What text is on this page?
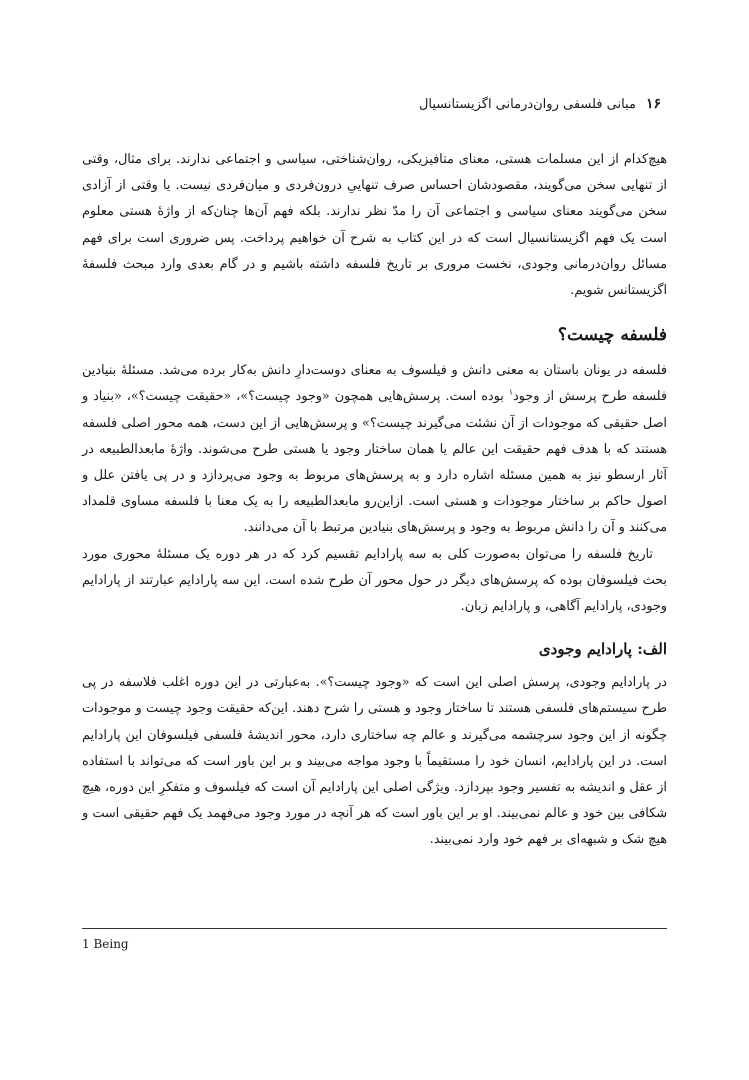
۱۶
مبانی فلسفی روان‌درمانی اگزیستانسیال

هیچ‌کدام از این مسلمات هستی، معنای متافیزیکی، روان‌شناختی، سیاسی و اجتماعی ندارند. برای مثال، وقتی از تنهایی سخن می‌گویند، مقصودشان احساس صرف تنهاییِ درون‌فردی و میان‌فردی نیست. یا وقتی از آزادی سخن می‌گویند معنای سیاسی و اجتماعی آن را مدّ نظر ندارند. بلکه فهم آن‌ها چنان‌که از واژهٔ هستی معلوم است یک فهم اگزیستانسیال است که در این کتاب به شرح آن خواهیم پرداخت. پس ضروری است برای فهم مسائل روان‌درمانی وجودی، نخست مروری بر تاریخ فلسفه داشته باشیم و در گام بعدی وارد مبحث فلسفهٔ اگزیستانس شویم.

فلسفه چیست؟

فلسفه در یونان باستان به معنی دانش و فیلسوف به معنای دوست‌دارِ دانش به‌کار برده می‌شد. مسئلهٔ بنیادین فلسفه طرح پرسش از وجود$^۱$ بوده است. پرسش‌هایی همچون «وجود چیست؟»، «حقیقت چیست؟»، «بنیاد و اصل حقیقی که موجودات از آن نشئت می‌گیرند چیست؟» و پرسش‌هایی از این دست، همه محور اصلی فلسفه هستند که با هدف فهم حقیقت این عالم یا همان ساختار وجود یا هستی طرح می‌شوند. واژهٔ مابعدالطبیعه در آثار ارسطو نیز به همین مسئله اشاره دارد و به پرسش‌های مربوط به وجود می‌پردازد و در پی یافتن علل و اصول حاکم بر ساختار موجودات و هستی است. ازاین‌رو مابعدالطبیعه را به یک معنا با فلسفه مساوی قلمداد می‌کنند و آن را دانش مربوط به وجود و پرسش‌های بنیادین مرتبط با آن می‌دانند.

تاریخ فلسفه را می‌توان به‌صورت کلی به سه پارادایم تقسیم کرد که در هر دوره یک مسئلهٔ محوری مورد بحث فیلسوفان بوده که پرسش‌های دیگر در حول محور آن طرح شده است. این سه پارادایم عبارتند از پارادایم وجودی، پارادایم آگاهی، و پارادایم زبان.

الف: پارادایم وجودی

در پارادایم وجودی، پرسش اصلی این است که «وجود چیست؟». به‌عبارتی در این دوره اغلب فلاسفه در پی طرح سیستم‌های فلسفی هستند تا ساختار وجود و هستی را شرح دهند. این‌که حقیقت وجود چیست و موجودات چگونه از این وجود سرچشمه می‌گیرند و عالم چه ساختاری دارد، محور اندیشهٔ فلسفی فیلسوفان این پارادایم است. در این پارادایم، انسان خود را مستقیماً با وجود مواجه می‌بیند و بر این باور است که می‌تواند با استفاده از عقل و اندیشه به تفسیر وجود بپردازد. ویژگی اصلی این پارادایم آن است که فیلسوف و متفکرِ این دوره، هیچ شکافی بین خود و عالم نمی‌بیند. او بر این باور است که هر آنچه در مورد وجود می‌فهمد یک فهم حقیقی است و هیچ شک و شبهه‌ای بر فهم خود وارد نمی‌بیند.

1 Being
